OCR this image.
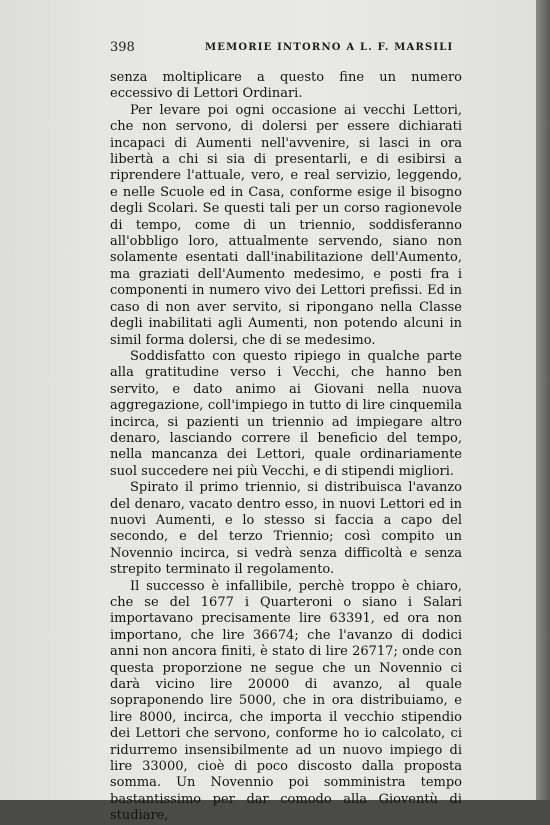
398	MEMORIE INTORNO A L. F. MARSILI

senza moltiplicare a questo fine un numero eccessivo di Lettori Ordinari.

Per levare poi ogni occasione ai vecchi Lettori, che non servono, di dolersi per essere dichiarati incapaci di Aumenti nell'avvenire, si lasci in ora libertà a chi si sia di presentarli, e di esibirsi a riprendere l'attuale, vero, e real servizio, leggendo, e nelle Scuole ed in Casa, conforme esige il bisogno degli Scolari. Se questi tali per un corso ragionevole di tempo, come di un triennio, soddisferanno all'obbligo loro, attualmente servendo, siano non solamente esentati dall'inabilitazione dell'Aumento, ma graziati dell'Aumento medesimo, e posti fra i componenti in numero vivo dei Lettori prefissi. Ed in caso di non aver servito, si ripongano nella Classe degli inabilitati agli Aumenti, non potendo alcuni in simil forma dolersi, che di se medesimo.

Soddisfatto con questo ripiego in qualche parte alla gratitudine verso i Vecchi, che hanno ben servito, e dato animo ai Giovani nella nuova aggregazione, coll'impiego in tutto di lire cinquemila incirca, si pazienti un triennio ad impiegare altro denaro, lasciando correre il beneficio del tempo, nella mancanza dei Lettori, quale ordinariamente suol succedere nei più Vecchi, e di stipendi migliori.

Spirato il primo triennio, si distribuisca l'avanzo del denaro, vacato dentro esso, in nuovi Lettori ed in nuovi Aumenti, e lo stesso si faccia a capo del secondo, e del terzo Triennio; così compito un Novennio incirca, si vedrà senza difficoltà e senza strepito terminato il regolamento.

Il successo è infallibile, perchè troppo è chiaro, che se del 1677 i Quarteroni o siano i Salari importavano precisamente lire 63391, ed ora non importano, che lire 36674; che l'avanzo di dodici anni non ancora finiti, è stato di lire 26717; onde con questa proporzione ne segue che un Novennio ci darà vicino lire 20000 di avanzo, al quale sopraponendo lire 5000, che in ora distribuiamo, e lire 8000, incirca, che importa il vecchio stipendio dei Lettori che servono, conforme ho io calcolato, ci ridurremo insensibilmente ad un nuovo impiego di lire 33000, cioè di poco discosto dalla proposta somma. Un Novennio poi somministra tempo bastantissimo per dar comodo alla Gioventù di studiare,
